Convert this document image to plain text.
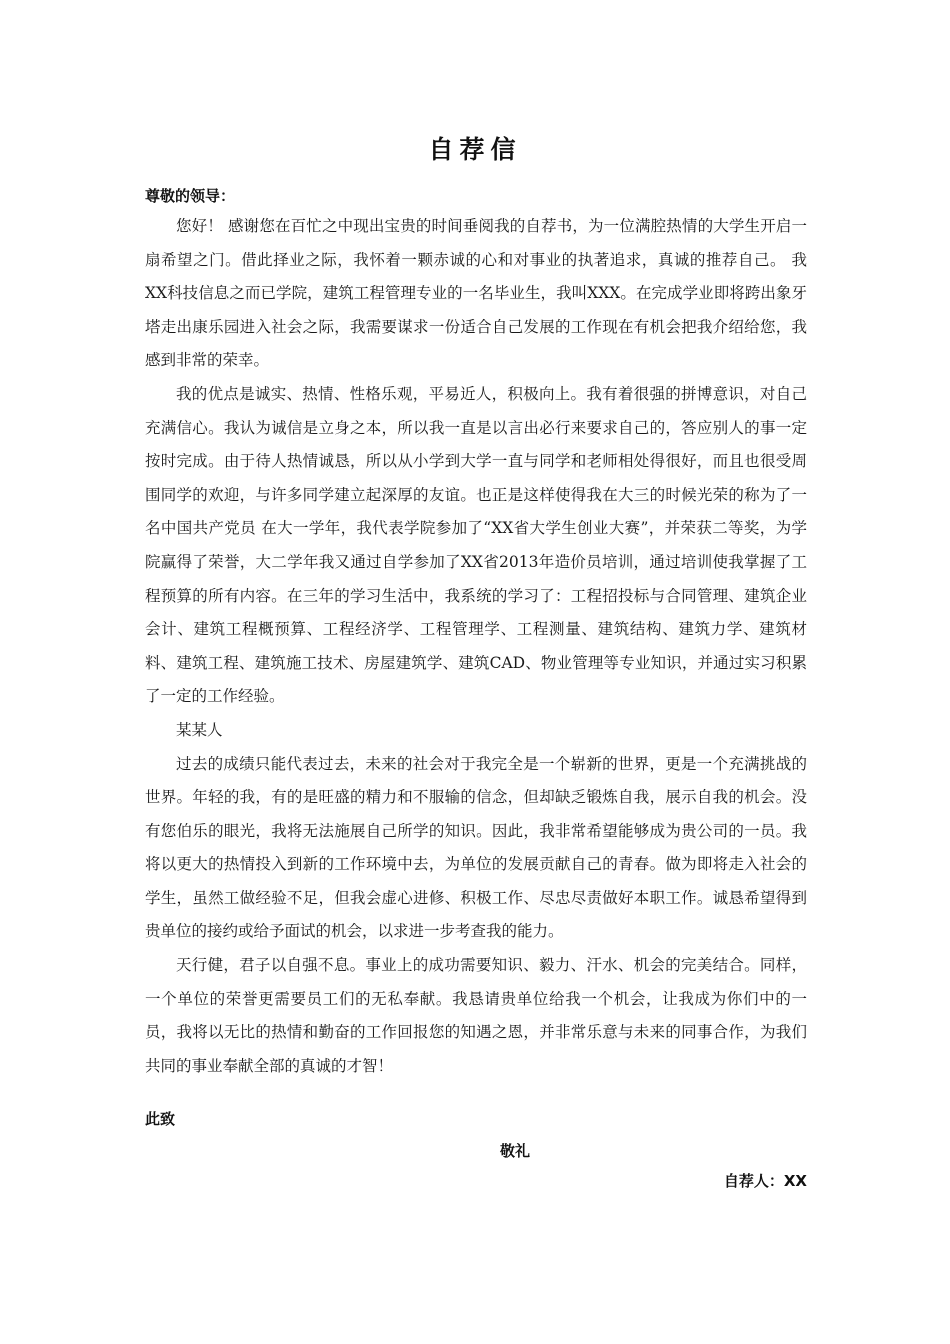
自荐信
尊敬的领导：

您好！ 感谢您在百忙之中现出宝贵的时间垂阅我的自荐书，为一位满腔热情的大学生开启一扇希望之门。借此择业之际，我怀着一颗赤诚的心和对事业的执著追求，真诚的推荐自己。 我XX科技信息之而已学院，建筑工程管理专业的一名毕业生，我叫XXX。在完成学业即将跨出象牙塔走出康乐园进入社会之际，我需要谋求一份适合自己发展的工作现在有机会把我介绍给您，我感到非常的荣幸。

我的优点是诚实、热情、性格乐观，平易近人，积极向上。我有着很强的拼博意识，对自己充满信心。我认为诚信是立身之本，所以我一直是以言出必行来要求自己的，答应别人的事一定按时完成。由于待人热情诚恳，所以从小学到大学一直与同学和老师相处得很好，而且也很受周围同学的欢迎，与许多同学建立起深厚的友谊。也正是这样使得我在大三的时候光荣的称为了一名中国共产党员 在大一学年，我代表学院参加了“XX省大学生创业大赛”，并荣获二等奖，为学院赢得了荣誉，大二学年我又通过自学参加了XX省2013年造价员培训，通过培训使我掌握了工程预算的所有内容。在三年的学习生活中，我系统的学习了：工程招投标与合同管理、建筑企业会计、建筑工程概预算、工程经济学、工程管理学、工程测量、建筑结构、建筑力学、建筑材料、建筑工程、建筑施工技术、房屋建筑学、建筑CAD、物业管理等专业知识，并通过实习积累了一定的工作经验。

某某人

过去的成绩只能代表过去，未来的社会对于我完全是一个崭新的世界，更是一个充满挑战的世界。年轻的我，有的是旺盛的精力和不服输的信念，但却缺乏锻炼自我，展示自我的机会。没有您伯乐的眼光，我将无法施展自己所学的知识。因此，我非常希望能够成为贵公司的一员。我将以更大的热情投入到新的工作环境中去，为单位的发展贡献自己的青春。做为即将走入社会的学生，虽然工做经验不足，但我会虚心进修、积极工作、尽忠尽责做好本职工作。诚恳希望得到贵单位的接约或给予面试的机会，以求进一步考查我的能力。

天行健，君子以自强不息。事业上的成功需要知识、毅力、汗水、机会的完美结合。同样，一个单位的荣誉更需要员工们的无私奉献。我恳请贵单位给我一个机会，让我成为你们中的一员，我将以无比的热情和勤奋的工作回报您的知遇之恩，并非常乐意与未来的同事合作，为我们共同的事业奉献全部的真诚的才智！

此致
敬礼
自荐人：XX
